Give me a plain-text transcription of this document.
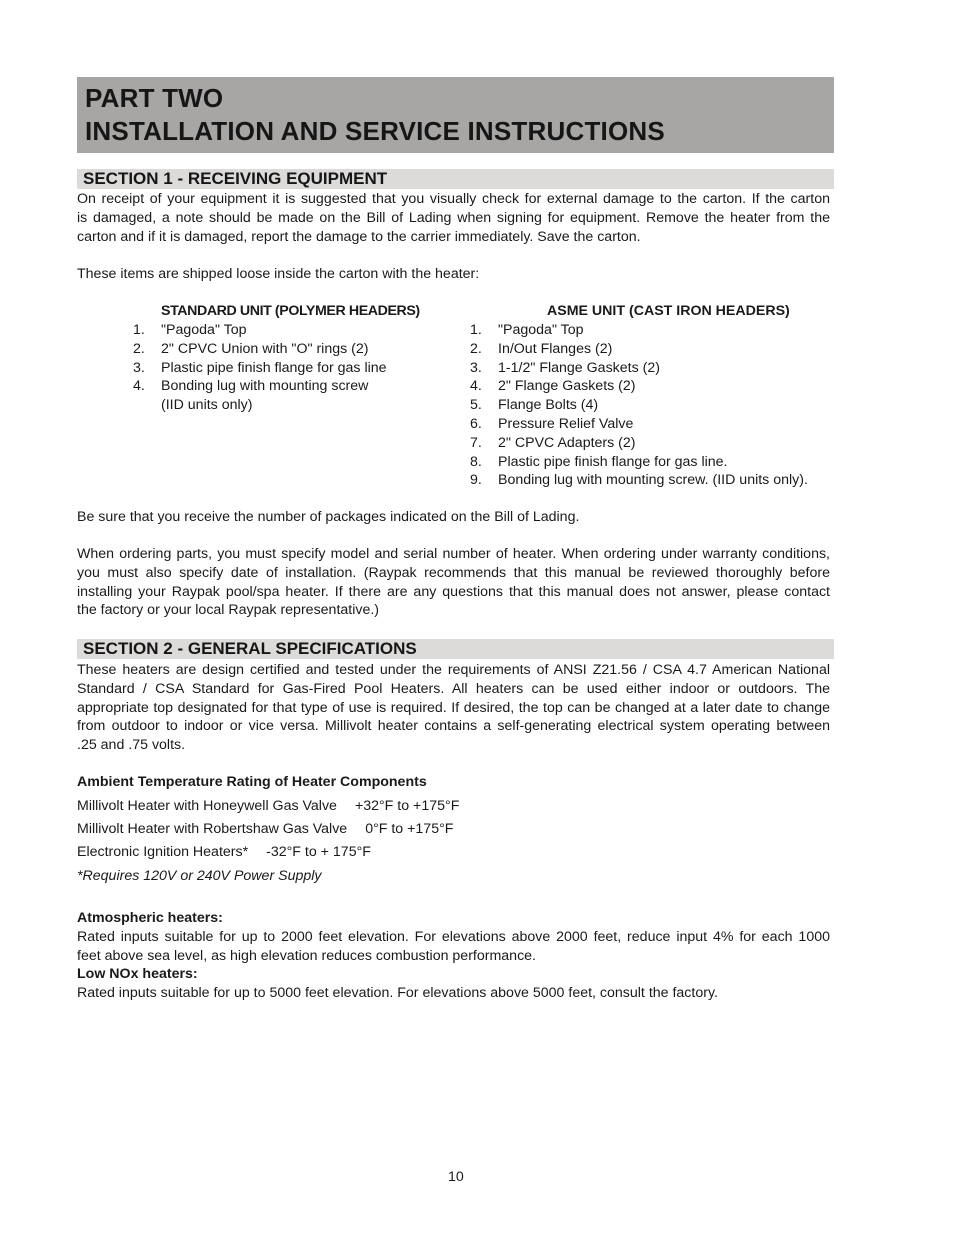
PART TWO
INSTALLATION AND SERVICE INSTRUCTIONS
SECTION 1 - RECEIVING EQUIPMENT
On receipt of your equipment it is suggested that you visually check for external damage to the carton. If the carton
is damaged, a note should be made on the Bill of Lading when signing for equipment. Remove the heater from the
carton and if it is damaged, report the damage to the carrier immediately. Save the carton.
These items are shipped loose inside the carton with the heater:
STANDARD UNIT (POLYMER HEADERS)	ASME UNIT (CAST IRON HEADERS)
1.	"Pagoda" Top
2.	2" CPVC Union with "O" rings (2)
3.	Plastic pipe finish flange for gas line
4.	Bonding lug with mounting screw
(IID units only)
1.	"Pagoda" Top
2.	In/Out Flanges (2)
3.	1-1/2" Flange Gaskets (2)
4.	2" Flange Gaskets (2)
5.	Flange Bolts (4)
6.	Pressure Relief Valve
7.	2" CPVC Adapters (2)
8.	Plastic pipe finish flange for gas line.
9.	Bonding lug with mounting screw. (IID units only).
Be sure that you receive the number of packages indicated on the Bill of Lading.
When ordering parts, you must specify model and serial number of heater. When ordering under warranty conditions,
you must also specify date of installation. (Raypak recommends that this manual be reviewed thoroughly before
installing your Raypak pool/spa heater. If there are any questions that this manual does not answer, please contact
the factory or your local Raypak representative.)
SECTION 2 - GENERAL SPECIFICATIONS
These heaters are design certified and tested under the requirements of ANSI Z21.56 / CSA 4.7 American National
Standard / CSA Standard for Gas-Fired Pool Heaters. All heaters can be used either indoor or outdoors. The
appropriate top designated for that type of use is required. If desired, the top can be changed at a later date to change
from outdoor to indoor or vice versa. Millivolt heater contains a self-generating electrical system operating between
.25 and .75 volts.
Ambient Temperature Rating of Heater Components
Millivolt Heater with Honeywell Gas Valve +32°F to +175°F
Millivolt Heater with Robertshaw Gas Valve 0°F to +175°F
Electronic Ignition Heaters* -32°F to + 175°F
*Requires 120V or 240V Power Supply
Atmospheric heaters:
Rated inputs suitable for up to 2000 feet elevation. For elevations above 2000 feet, reduce input 4% for each 1000
feet above sea level, as high elevation reduces combustion performance.
Low NOx heaters:
Rated inputs suitable for up to 5000 feet elevation. For elevations above 5000 feet, consult the factory.
10
